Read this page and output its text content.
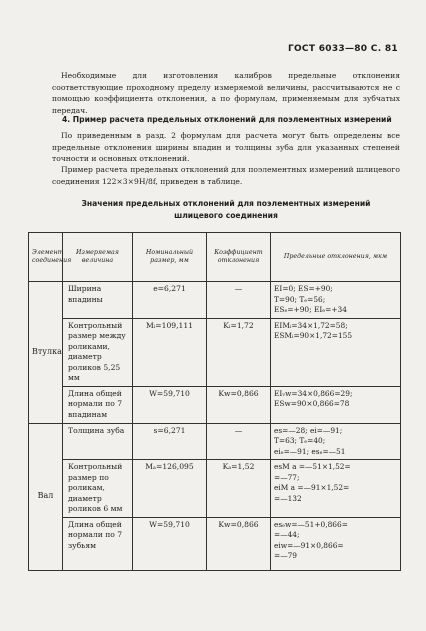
ГОСТ 6033—80 С. 81
Необходимые для изготовления калибров предельные отклонения соответствующие проходному пределу измеряемой величины, рассчитываются не с помощью коэффициента отклонения, а по формулам, применяемым для зубчатых передач.
4. Пример расчета предельных отклонений для поэлементных измерений
По приведенным в разд. 2 формулам для расчета могут быть определены все предельные отклонения ширины впадин и толщины зуба для указанных степеней точности и основных отклонений.
Пример расчета предельных отклонений для поэлементных измерений шлицевого соединения 122×3×9H/8f, приведен в таблице.
Значения предельных отклонений для поэлементных измерений
шлицевого соединения
Элемент соединения	Измеряемая величина	Номинальный размер, мм	Коэффициент отклонения	Предельные отклонения, мкм
Втулка	Ширина впадины	e=6,271	—	EI=0; ES=+90;
T=90; Tₑ=56;
ESₑ=+90; EIₑ=+34

	Контрольный размер между роликами, диаметр роликов 5,25 мм	Mᵢ=109,111	Kᵢ=1,72	EIMᵢ=34×1,72=58;
ESMᵢ=90×1,72=155

	Длина общей нормали по 7 впадинам	W=59,710	Kw=0,866	EIᵥw=34×0,866=29;
ESw=90×0,866=78

Вал	Толщина зуба	s=6,271	—	es=—28; ei=—91;
T=63; Tₑ=40;
eiₑ=—91; esₑ=—51

	Контрольный размер по роликам, диаметр роликов 6 мм	Mₐ=126,095	Kₐ=1,52	esM a =—51×1,52=
=—77;
eiM a =—91×1,52=
=—132

	Длина общей нормали по 7 зубьям	W=59,710	Kw=0,866	esₑw=—51+0,866=
=—44;
eiw=—91×0,866=
=—79
